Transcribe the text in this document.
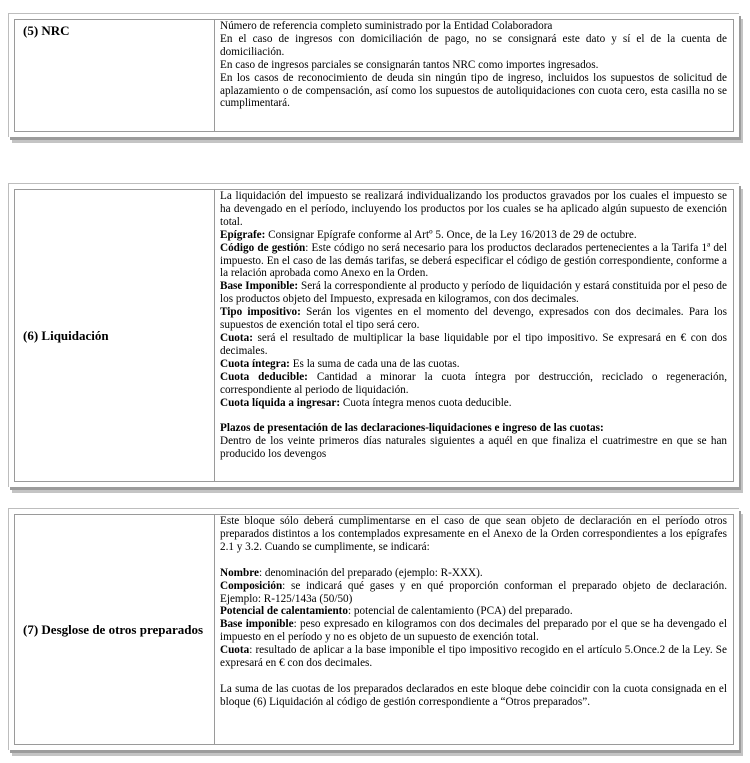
(5) NRC	Número de referencia completo suministrado por la Entidad Colaboradora

En el caso de ingresos con domiciliación de pago, no se consignará este dato y sí el de la cuenta de domiciliación.

En caso de ingresos parciales se consignarán tantos NRC como importes ingresados.

En los casos de reconocimiento de deuda sin ningún tipo de ingreso, incluidos los supuestos de solicitud de aplazamiento o de compensación, así como los supuestos de autoliquidaciones con cuota cero, esta casilla no se cumplimentará.

(6) Liquidación

La liquidación del impuesto se realizará individualizando los productos gravados por los cuales el impuesto se ha devengado en el período, incluyendo los productos por los cuales se ha aplicado algún supuesto de exención total.

Epígrafe: Consignar Epígrafe conforme al Artº 5. Once, de la Ley 16/2013 de 29 de octubre.

Código de gestión: Este código no será necesario para los productos declarados pertenecientes a la Tarifa 1ª del impuesto. En el caso de las demás tarifas, se deberá especificar el código de gestión correspondiente, conforme a la relación aprobada como Anexo en la Orden.

Base Imponible: Será la correspondiente al producto y período de liquidación y estará constituida por el peso de los productos objeto del Impuesto, expresada en kilogramos, con dos decimales.

Tipo impositivo: Serán los vigentes en el momento del devengo, expresados con dos decimales. Para los supuestos de exención total el tipo será cero.

Cuota: será el resultado de multiplicar la base liquidable por el tipo impositivo. Se expresará en € con dos decimales.

Cuota íntegra: Es la suma de cada una de las cuotas.

Cuota deducible: Cantidad a minorar la cuota íntegra por destrucción, reciclado o regeneración, correspondiente al periodo de liquidación.

Cuota líquida a ingresar: Cuota íntegra menos cuota deducible.

Plazos de presentación de las declaraciones-liquidaciones e ingreso de las cuotas:

Dentro de los veinte primeros días naturales siguientes a aquél en que finaliza el cuatrimestre en que se han producido los devengos

(7) Desglose de otros preparados

Este bloque sólo deberá cumplimentarse en el caso de que sean objeto de declaración en el período otros preparados distintos a los contemplados expresamente en el Anexo de la Orden correspondientes a los epígrafes 2.1 y 3.2. Cuando se cumplimente, se indicará:

Nombre: denominación del preparado (ejemplo: R-XXX).

Composición: se indicará qué gases y en qué proporción conforman el preparado objeto de declaración. Ejemplo: R-125/143a (50/50)

Potencial de calentamiento: potencial de calentamiento (PCA) del preparado.

Base imponible: peso expresado en kilogramos con dos decimales del preparado por el que se ha devengado el impuesto en el período y no es objeto de un supuesto de exención total.

Cuota: resultado de aplicar a la base imponible el tipo impositivo recogido en el artículo 5.Once.2 de la Ley. Se expresará en € con dos decimales.

La suma de las cuotas de los preparados declarados en este bloque debe coincidir con la cuota consignada en el bloque (6) Liquidación al código de gestión correspondiente a “Otros preparados”.
